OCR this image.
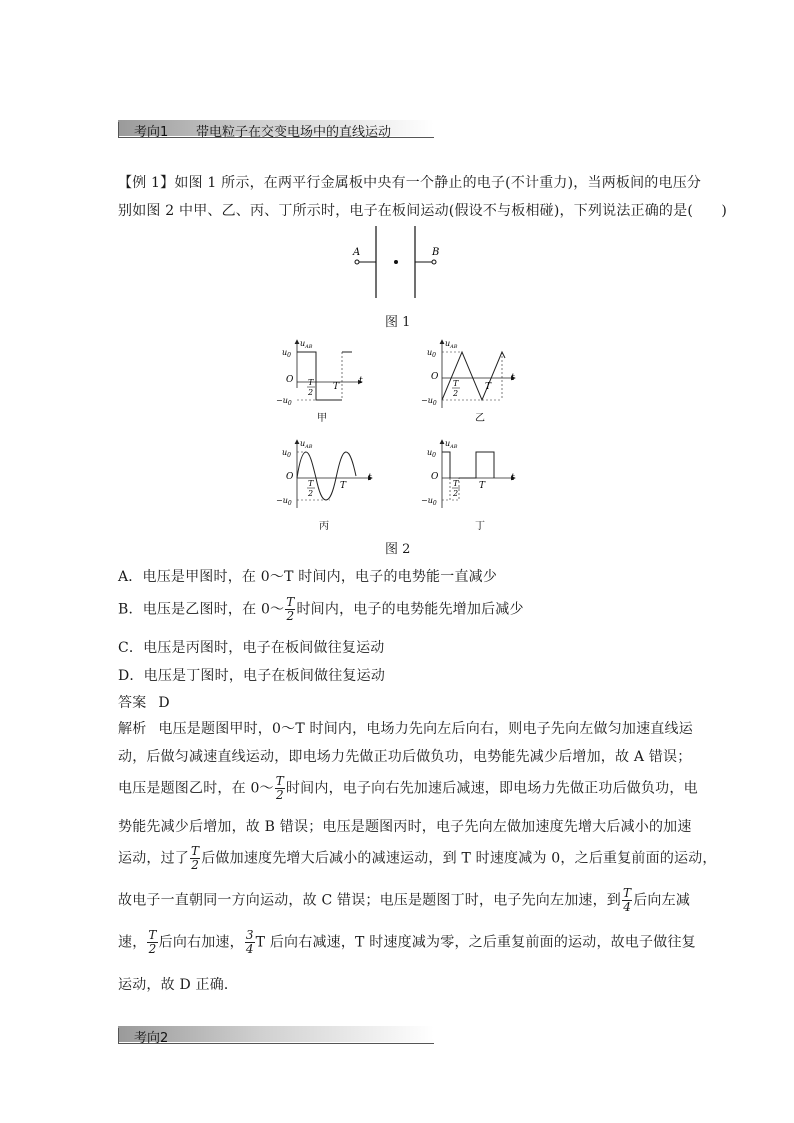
考向1 带电粒子在交变电场中的直线运动
【例 1】如图 1 所示，在两平行金属板中央有一个静止的电子(不计重力)，当两板间的电压分
别如图 2 中甲、乙、丙、丁所示时，电子在板间运动(假设不与板相碰)，下列说法正确的是(　　)
A	B
图 1
$u_{AB}$
$u_0$
O
$-u_0$
t
T
2
T
甲
$u_{AB}$
$u_0$
O
$-u_0$
t
T
2
T
乙
$u_{AB}$
$u_0$
O
$-u_0$
t
T
2
T
丙
$u_{AB}$
$u_0$
O
$-u_0$
t
T
2
T
丁
图 2
A．电压是甲图时，在 0～T 时间内，电子的电势能一直减少
B．电压是乙图时，在 0～ $\frac{T}{2}$ 时间内，电子的电势能先增加后减少
C．电压是丙图时，电子在板间做往复运动
D．电压是丁图时，电子在板间做往复运动
答案 D
解析 电压是题图甲时，0～T 时间内，电场力先向左后向右，则电子先向左做匀加速直线运
动，后做匀减速直线运动，即电场力先做正功后做负功，电势能先减少后增加，故 A 错误；
电压是题图乙时，在 0～ $\frac{T}{2}$ 时间内，电子向右先加速后减速，即电场力先做正功后做负功，电
势能先减少后增加，故 B 错误；电压是题图丙时，电子先向左做加速度先增大后减小的加速
运动，过了 $\frac{T}{2}$ 后做加速度先增大后减小的减速运动，到 T 时速度减为 0，之后重复前面的运动，
故电子一直朝同一方向运动，故 C 错误；电压是题图丁时，电子先向左加速，到 $\frac{T}{4}$ 后向左减
速， $\frac{T}{2}$ 后向右加速， $\frac{3}{4}$ T 后向右减速，T 时速度减为零，之后重复前面的运动，故电子做往复
运动，故 D 正确．
考向2
